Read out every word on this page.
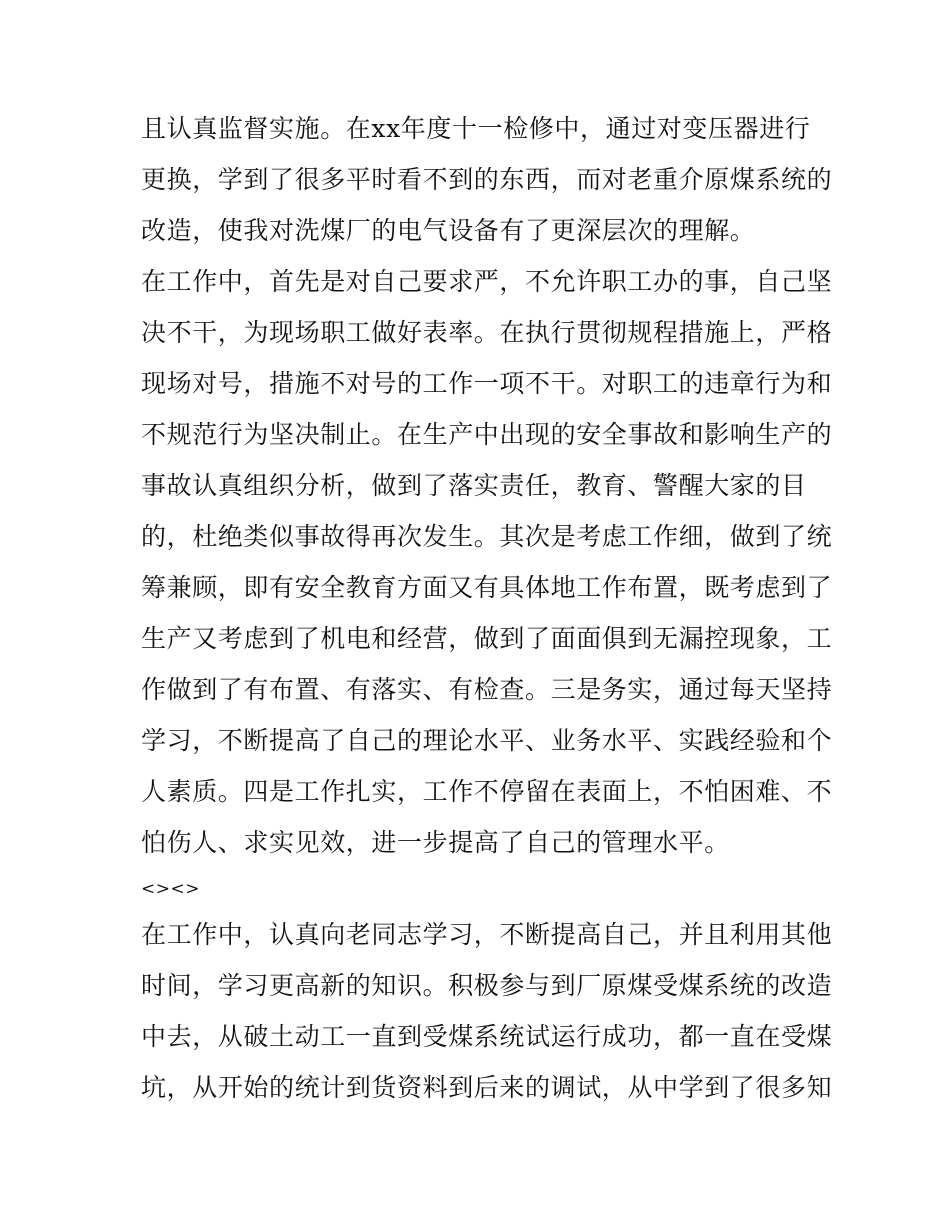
且认真监督实施。在xx年度十一检修中，通过对变压器进行
更换，学到了很多平时看不到的东西，而对老重介原煤系统的
改造，使我对洗煤厂的电气设备有了更深层次的理解。
在工作中，首先是对自己要求严，不允许职工办的事，自己坚
决不干，为现场职工做好表率。在执行贯彻规程措施上，严格
现场对号，措施不对号的工作一项不干。对职工的违章行为和
不规范行为坚决制止。在生产中出现的安全事故和影响生产的
事故认真组织分析，做到了落实责任，教育、警醒大家的目
的，杜绝类似事故得再次发生。其次是考虑工作细，做到了统
筹兼顾，即有安全教育方面又有具体地工作布置，既考虑到了
生产又考虑到了机电和经营，做到了面面俱到无漏控现象，工
作做到了有布置、有落实、有检查。三是务实，通过每天坚持
学习，不断提高了自己的理论水平、业务水平、实践经验和个
人素质。四是工作扎实，工作不停留在表面上，不怕困难、不
怕伤人、求实见效，进一步提高了自己的管理水平。
<><>
在工作中，认真向老同志学习，不断提高自己，并且利用其他
时间，学习更高新的知识。积极参与到厂原煤受煤系统的改造
中去，从破土动工一直到受煤系统试运行成功，都一直在受煤
坑，从开始的统计到货资料到后来的调试，从中学到了很多知
